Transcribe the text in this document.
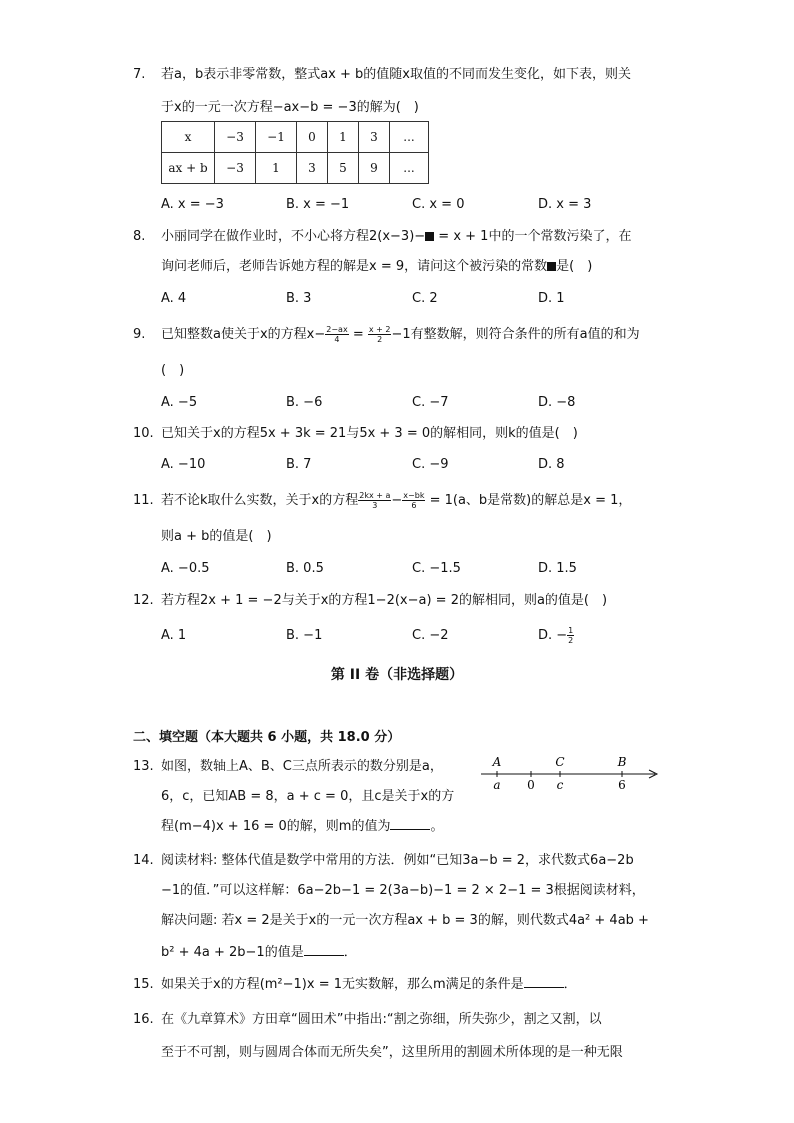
7. 若a，b表示非零常数，整式ax + b的值随x取值的不同而发生变化，如下表，则关
于x的一元一次方程−ax−b = −3的解为(　)
x	−3	−1	0	1	3	...
ax + b	−3	1	3	5	9	...
A. x = −3	B. x = −1	C. x = 0	D. x = 3
8. 小丽同学在做作业时，不小心将方程2(x−3)− = x + 1中的一个常数污染了，在
询问老师后，老师告诉她方程的解是x = 9，请问这个被污染的常数 是(　)
A. 4	B. 3	C. 2	D. 1
9. 已知整数a使关于x的方程$x- \frac{2-ax}{4} = \frac{x + 2}{2} -1$有整数解，则符合条件的所有a值的和为
(　)
A. −5	B. −6	C. −7	D. −8
10. 已知关于x的方程5x + 3k = 21与5x + 3 = 0的解相同，则k的值是(　)
A. −10	B. 7	C. −9	D. 8
11. 若不论k取什么实数，关于x的方程 $\frac{2kx + a}{3} - \frac{x-bk}{6} = 1(a$、b是常数)的解总是x = 1，
则a + b的值是(　)
A. −0.5	B. 0.5	C. −1.5	D. 1.5
12. 若方程2x + 1 = −2与关于x的方程1−2(x−a) = 2的解相同，则a的值是(　)
A. 1	B. −1	C. −2	D. − $\frac{1}{2}$
第 II 卷（非选择题）
二、填空题（本大题共 6 小题，共 18.0 分）
13. 如图，数轴上A、B、C三点所表示的数分别是a，
6，c，已知AB = 8，a + c = 0，且c是关于x的方
程(m−4)x + 16 = 0的解，则m的值为	。
A	C	B
a 0 c	6
14. 阅读材料: 整体代值是数学中常用的方法．例如“已知3a−b = 2，求代数式6a−2b
−1的值．”可以这样解：6a−2b−1 = 2(3a−b)−1 = 2 × 2−1 = 3根据阅读材料，
解决问题: 若x = 2是关于x的一元一次方程ax + b = 3的解，则代数式4a² + 4ab +
b² + 4a + 2b−1的值是	．
15. 如果关于x的方程(m²−1)x = 1无实数解，那么m满足的条件是	．
16. 在《九章算术》方田章“圆田术”中指出:“割之弥细，所失弥少，割之又割，以
至于不可割，则与圆周合体而无所失矣”，这里所用的割圆术所体现的是一种无限
